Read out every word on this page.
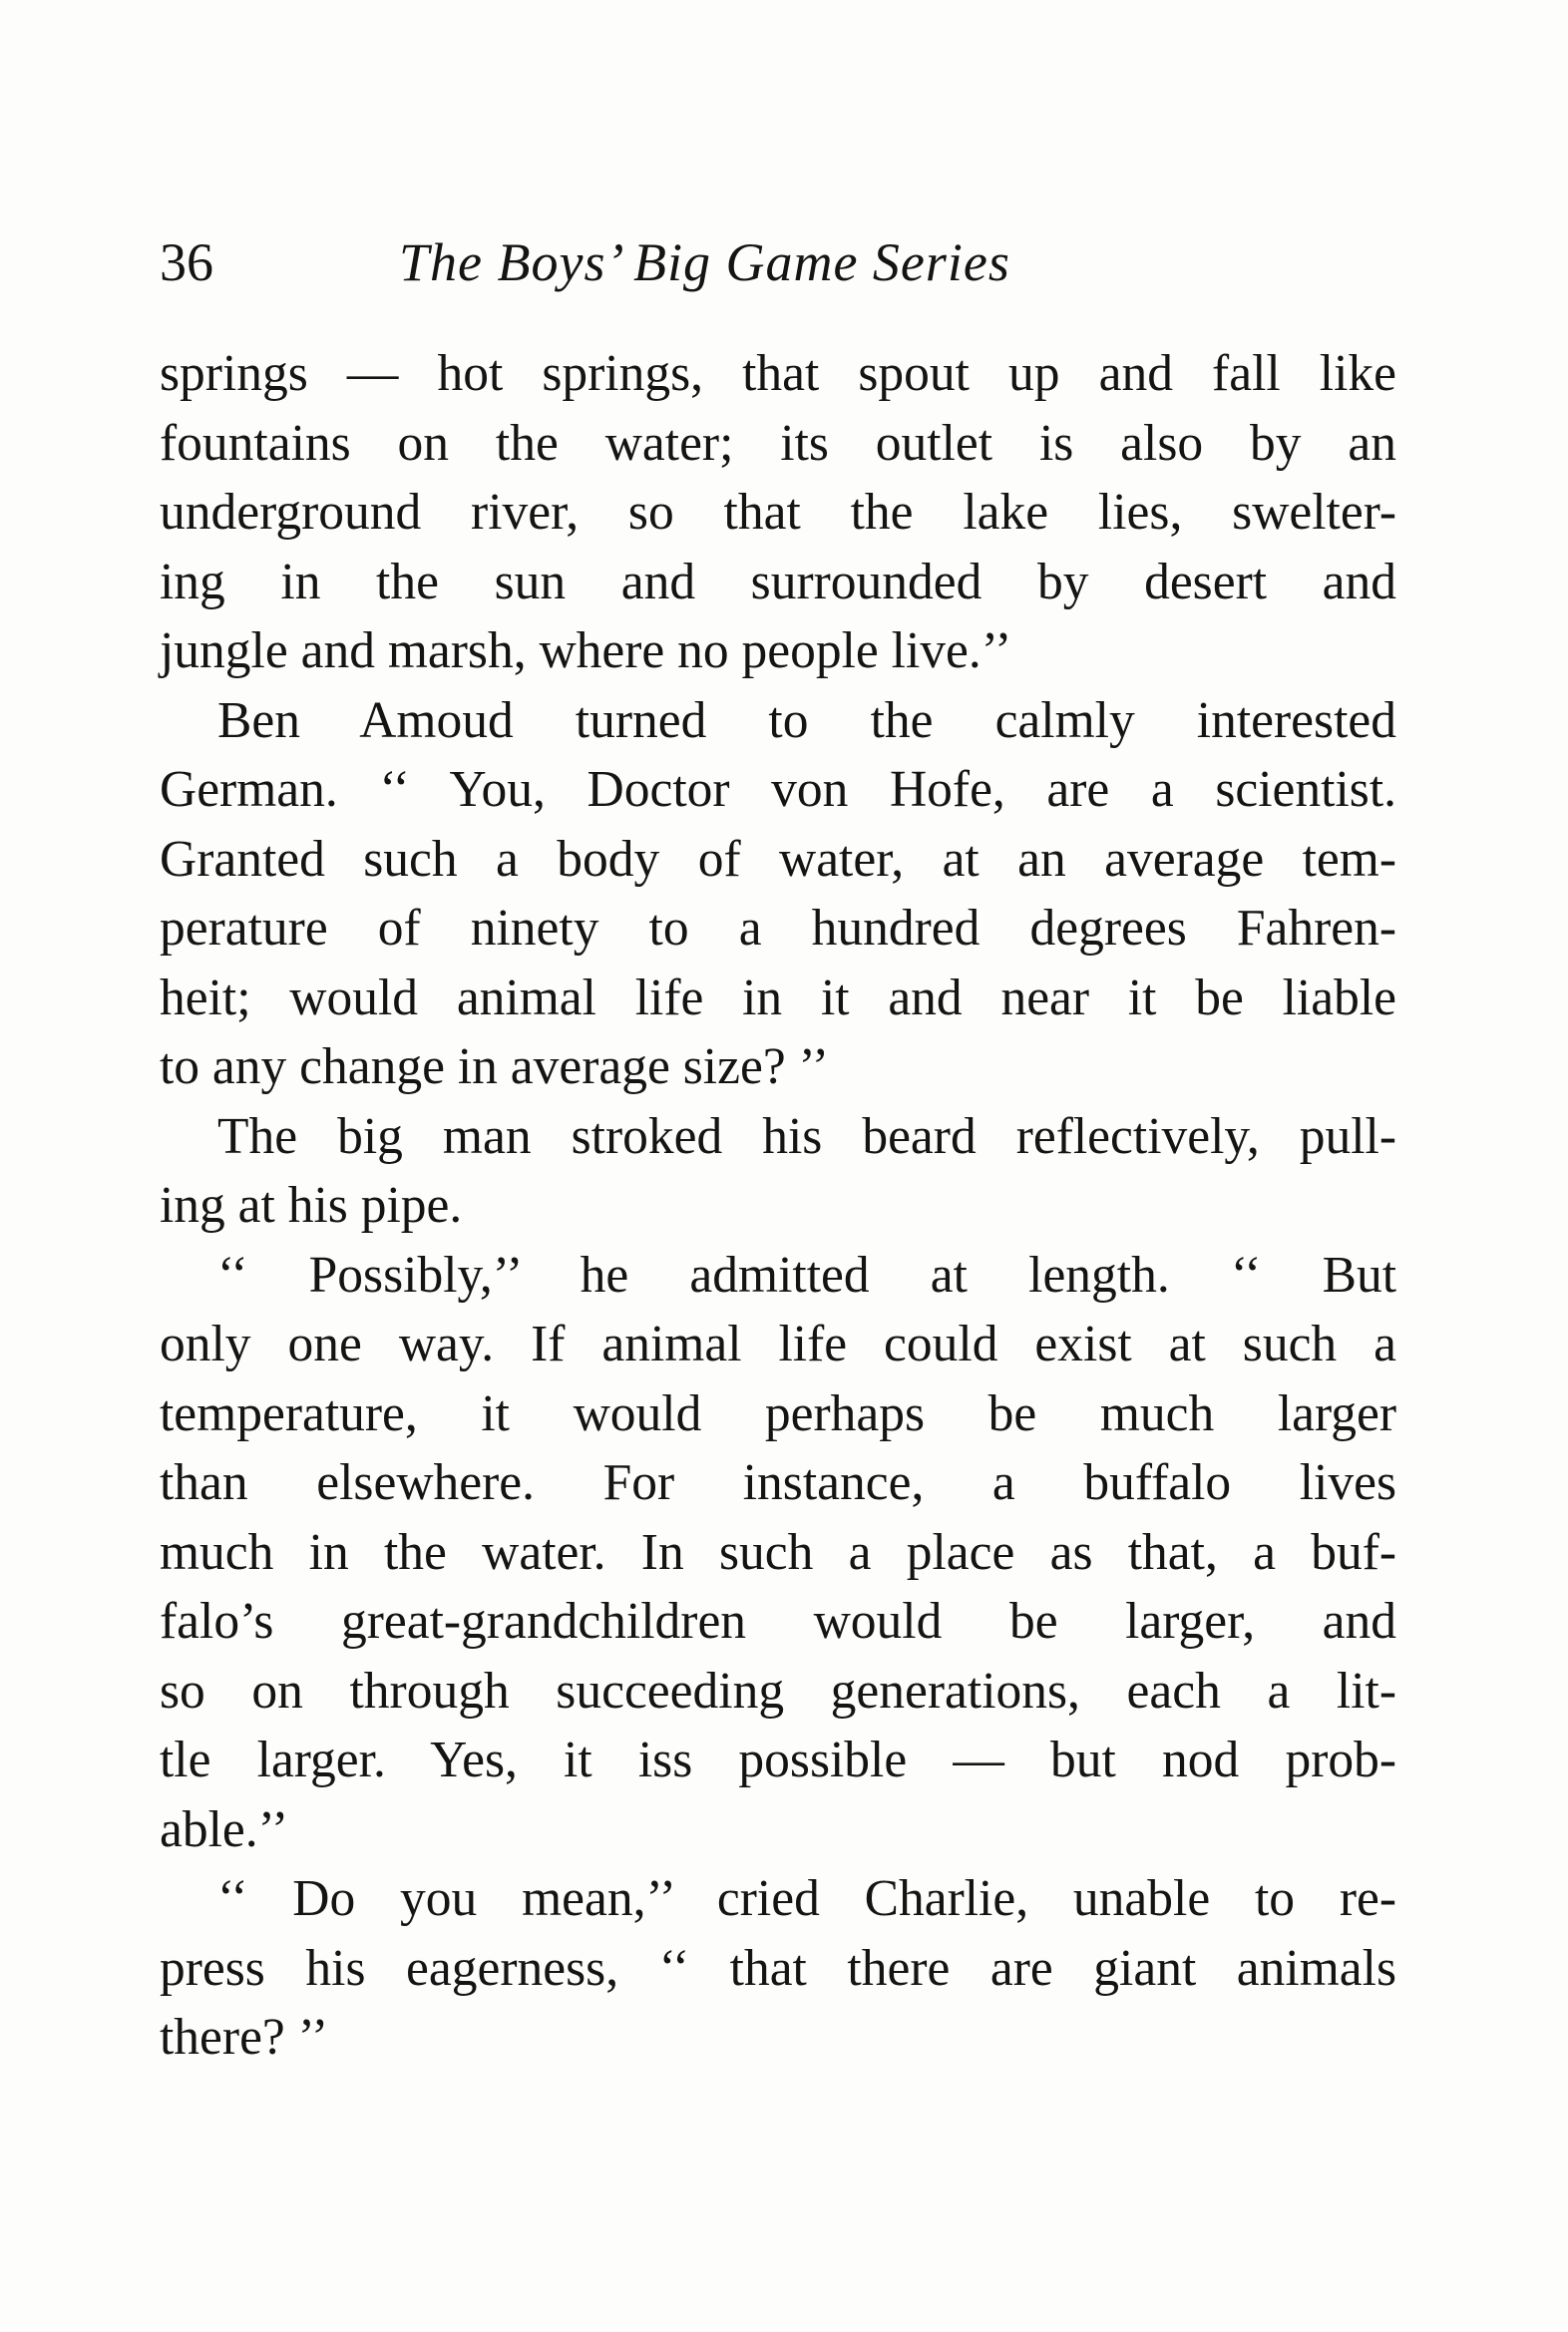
36	The Boys’ Big Game Series
springs — hot springs, that spout up and fall like
fountains on the water; its outlet is also by an
underground river, so that the lake lies, swelter-
ing in the sun and surrounded by desert and
jungle and marsh, where no people live.’’
Ben Amoud turned to the calmly interested
German. ‘‘ You, Doctor von Hofe, are a scientist.
Granted such a body of water, at an average tem-
perature of ninety to a hundred degrees Fahren-
heit; would animal life in it and near it be liable
to any change in average size? ’’
The big man stroked his beard reflectively, pull-
ing at his pipe.
‘‘ Possibly,’’ he admitted at length. ‘‘ But
only one way. If animal life could exist at such a
temperature, it would perhaps be much larger
than elsewhere. For instance, a buffalo lives
much in the water. In such a place as that, a buf-
falo’s great-grandchildren would be larger, and
so on through succeeding generations, each a lit-
tle larger. Yes, it iss possible — but nod prob-
able.’’
‘‘ Do you mean,’’ cried Charlie, unable to re-
press his eagerness, ‘‘ that there are giant animals
there? ’’
